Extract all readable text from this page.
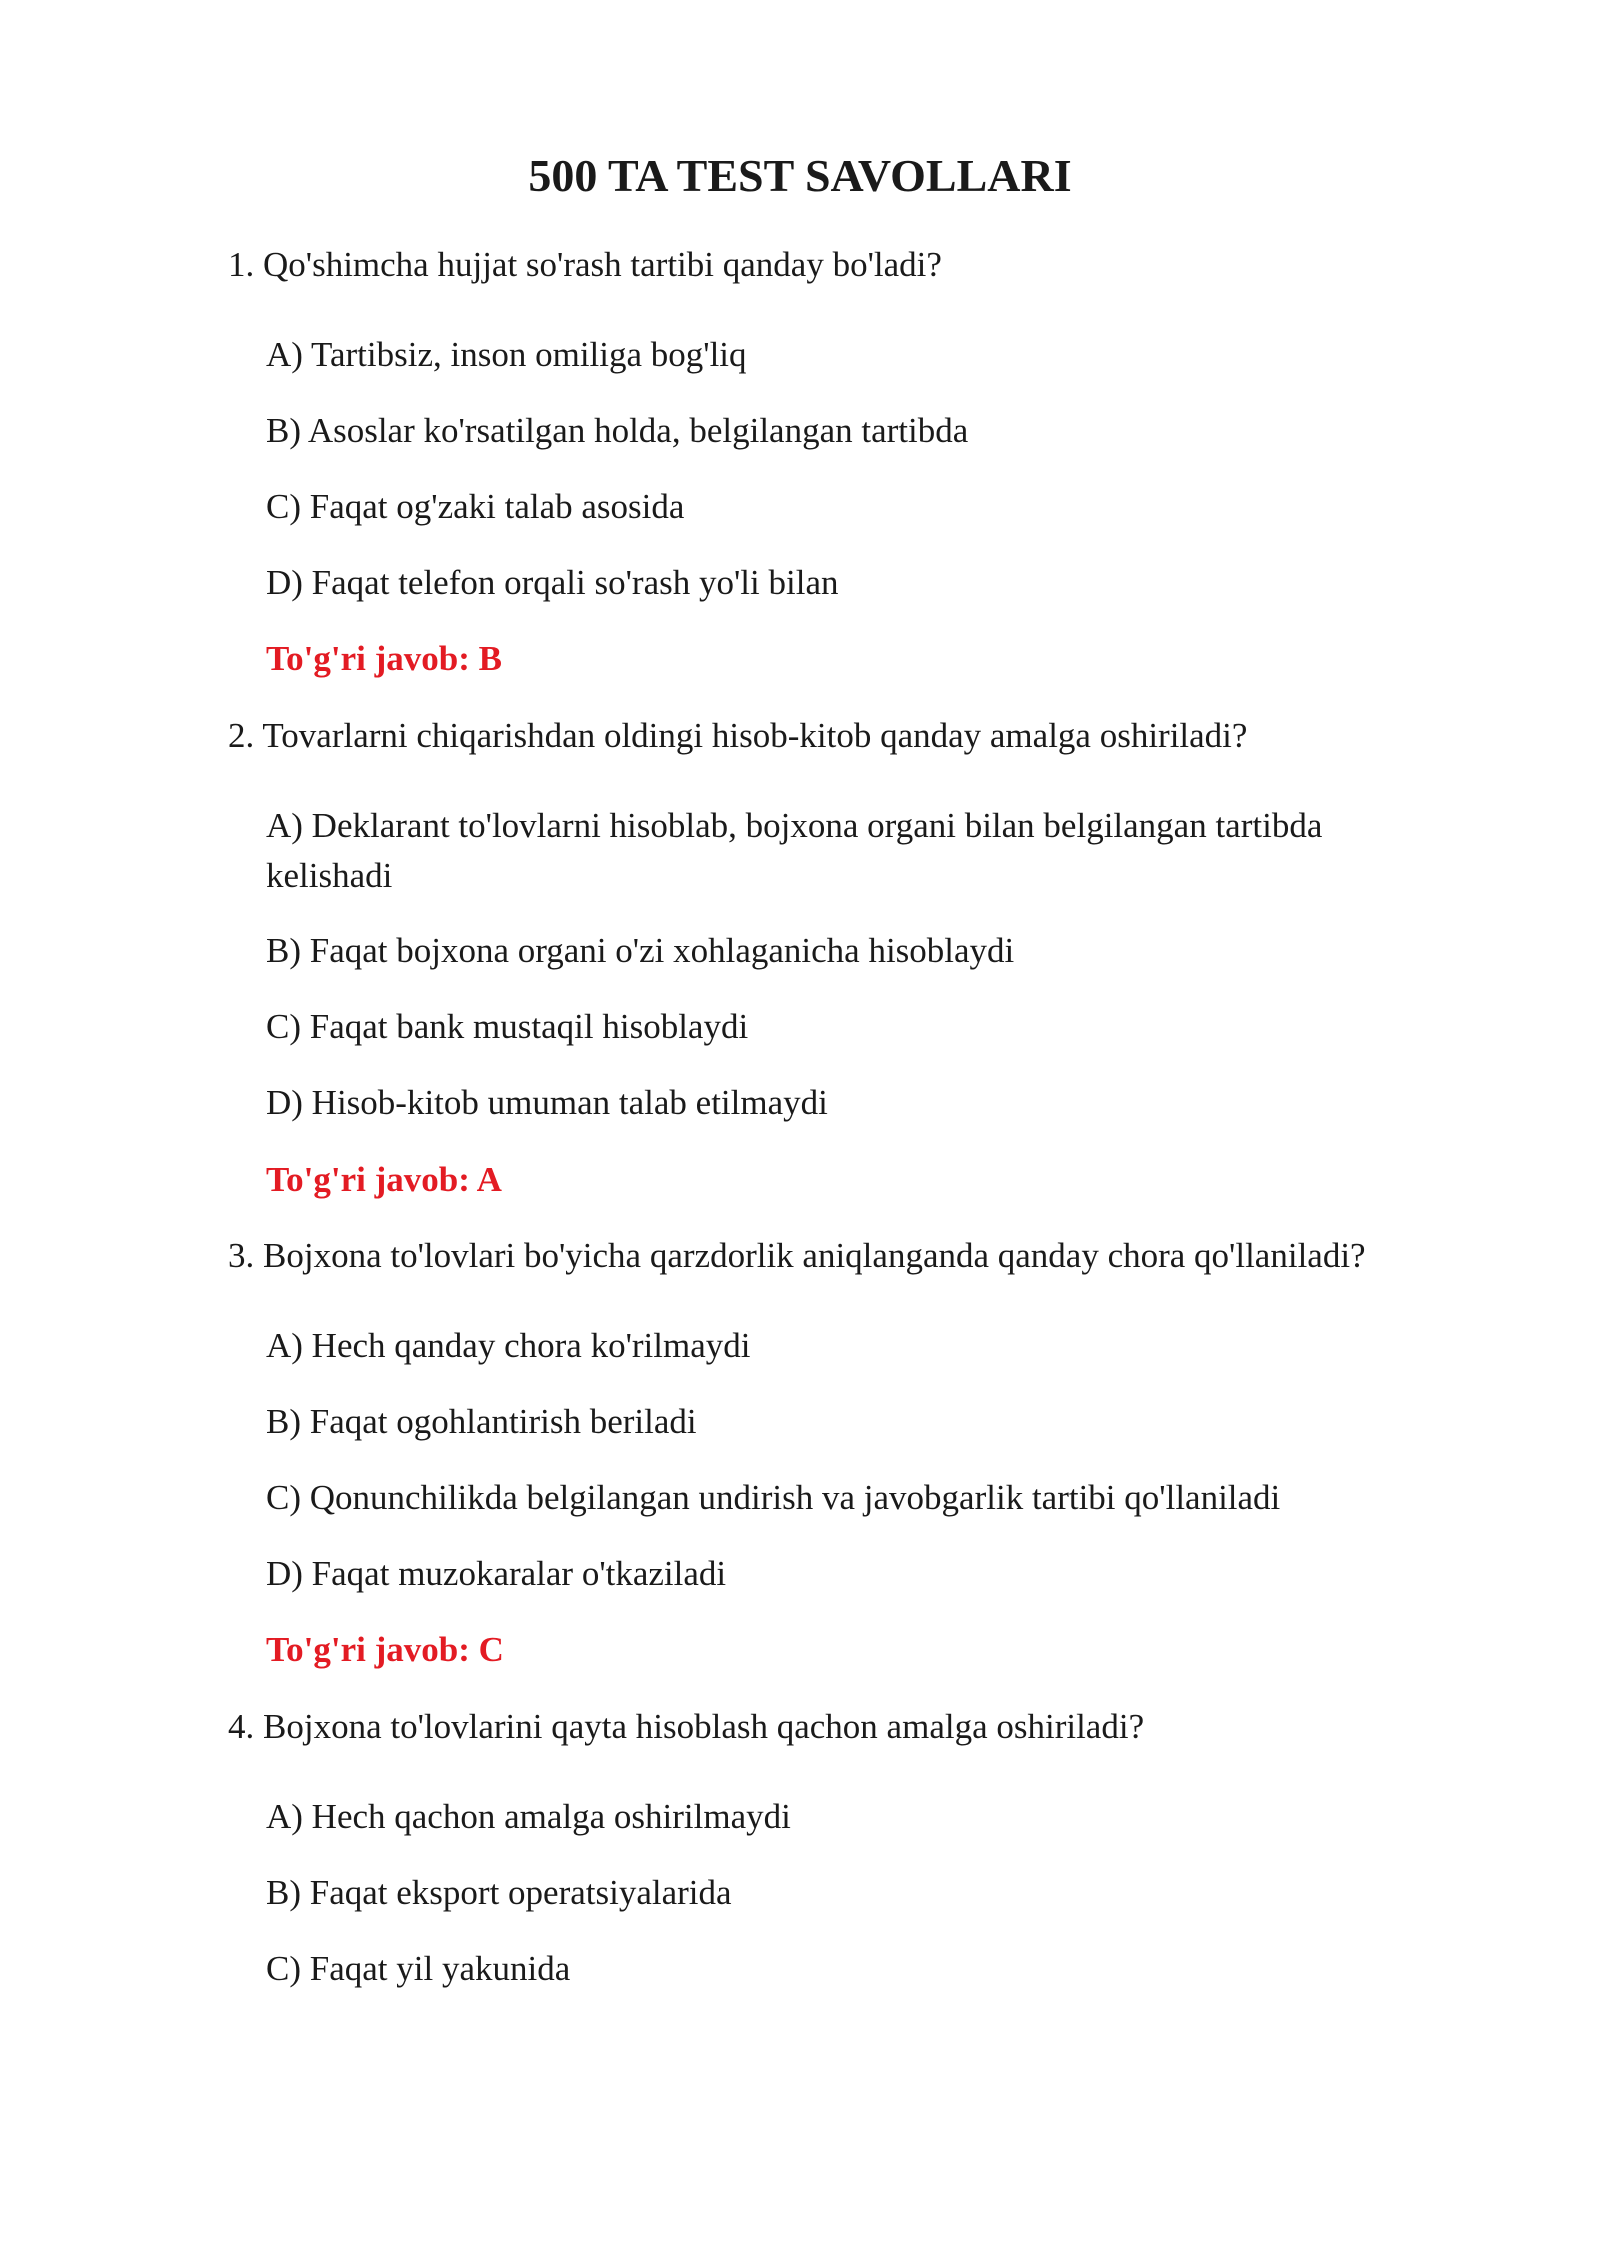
500 TA TEST SAVOLLARI

1. Qo'shimcha hujjat so'rash tartibi qanday bo'ladi?

A) Tartibsiz, inson omiliga bog'liq

B) Asoslar ko'rsatilgan holda, belgilangan tartibda

C) Faqat og'zaki talab asosida

D) Faqat telefon orqali so'rash yo'li bilan

To'g'ri javob: B

2. Tovarlarni chiqarishdan oldingi hisob-kitob qanday amalga oshiriladi?

A) Deklarant to'lovlarni hisoblab, bojxona organi bilan belgilangan tartibda kelishadi

B) Faqat bojxona organi o'zi xohlaganicha hisoblaydi

C) Faqat bank mustaqil hisoblaydi

D) Hisob-kitob umuman talab etilmaydi

To'g'ri javob: A

3. Bojxona to'lovlari bo'yicha qarzdorlik aniqlanganda qanday chora qo'llaniladi?

A) Hech qanday chora ko'rilmaydi

B) Faqat ogohlantirish beriladi

C) Qonunchilikda belgilangan undirish va javobgarlik tartibi qo'llaniladi

D) Faqat muzokaralar o'tkaziladi

To'g'ri javob: C

4. Bojxona to'lovlarini qayta hisoblash qachon amalga oshiriladi?

A) Hech qachon amalga oshirilmaydi

B) Faqat eksport operatsiyalarida

C) Faqat yil yakunida
